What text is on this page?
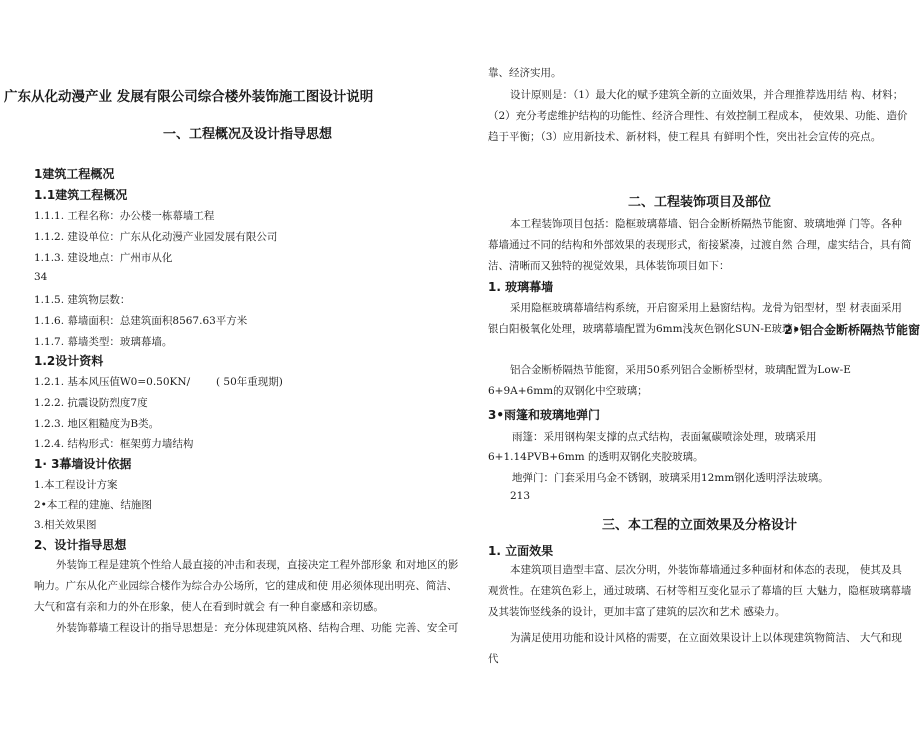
广东从化动漫产业 发展有限公司综合楼外装饰施工图设计说明
一、工程概况及设计指导思想
1建筑工程概况
1.1建筑工程概况
1.1.1. 工程名称：办公楼一栋幕墙工程
1.1.2. 建设单位：广东从化动漫产业园发展有限公司
1.1.3. 建设地点：广州市从化
34
1.1.5. 建筑物层数：
1.1.6. 幕墙面积：总建筑面积8567.63平方米
1.1.7. 幕墙类型：玻璃幕墙。
1.2设计资料
1.2.1. 基本风压值W0=0.50KN/ ( 50年重现期)
1.2.2. 抗震设防烈度7度
1.2.3. 地区粗糙度为B类。
1.2.4. 结构形式：框架剪力墙结构
1· 3幕墙设计依据
1.本工程设计方案
2•本工程的建施、结施图
3.相关效果图
2、设计指导思想
外装饰工程是建筑个性给人最直接的冲击和表现，直接决定工程外部形象 和对地区的影响力。广东从化产业园综合楼作为综合办公场所，它的建成和使 用必须体现出明亮、简洁、大气和富有亲和力的外在形象，使人在看到时就会 有一种自豪感和亲切感。
外装饰幕墙工程设计的指导思想是：充分体现建筑风格、结构合理、功能 完善、安全可
靠、经济实用。
设计原则是：（1）最大化的赋予建筑全新的立面效果，并合理推荐选用结 构、材料；（2）充分考虑维护结构的功能性、经济合理性、有效控制工程成本， 使效果、功能、造价趋于平衡；（3）应用新技术、新材料，使工程具 有鲜明个性，突出社会宣传的亮点。
二、工程装饰项目及部位
本工程装饰项目包括：隐框玻璃幕墙、铝合金断桥隔热节能窗、玻璃地弹 门等。各种幕墙通过不同的结构和外部效果的表现形式，衔接紧凑，过渡自然 合理，虚实结合，具有简洁、清晰而又独特的视觉效果，具体装饰项目如下：
1. 玻璃幕墙
采用隐框玻璃幕墙结构系统，开启窗采用上悬窗结构。龙骨为铝型材，型 材表面采用银白阳极氧化处理，玻璃幕墙配置为6mm浅灰色钢化SUN-E玻璃；
2•铝合金断桥隔热节能窗
铝合金断桥隔热节能窗，采用50系列铝合金断桥型材，玻璃配置为Low-E 6+9A+6mm的双钢化中空玻璃；
3•雨篷和玻璃地弹门
雨篷：采用钢构架支撑的点式结构，表面氟碳喷涂处理，玻璃采用
6+1.14PVB+6mm 的透明双钢化夹胶玻璃。
地弹门：门套采用乌金不锈钢，玻璃采用12mm钢化透明浮法玻璃。
213
三、本工程的立面效果及分格设计
1. 立面效果
本建筑项目造型丰富、层次分明，外装饰幕墙通过多种面材和体态的表现， 使其及具观赏性。在建筑色彩上，通过玻璃、石材等相互变化显示了幕墙的巨 大魅力，隐框玻璃幕墙及其装饰竖线条的设计，更加丰富了建筑的层次和艺术 感染力。
为满足使用功能和设计风格的需要，在立面效果设计上以体现建筑物简洁、 大气和现代
